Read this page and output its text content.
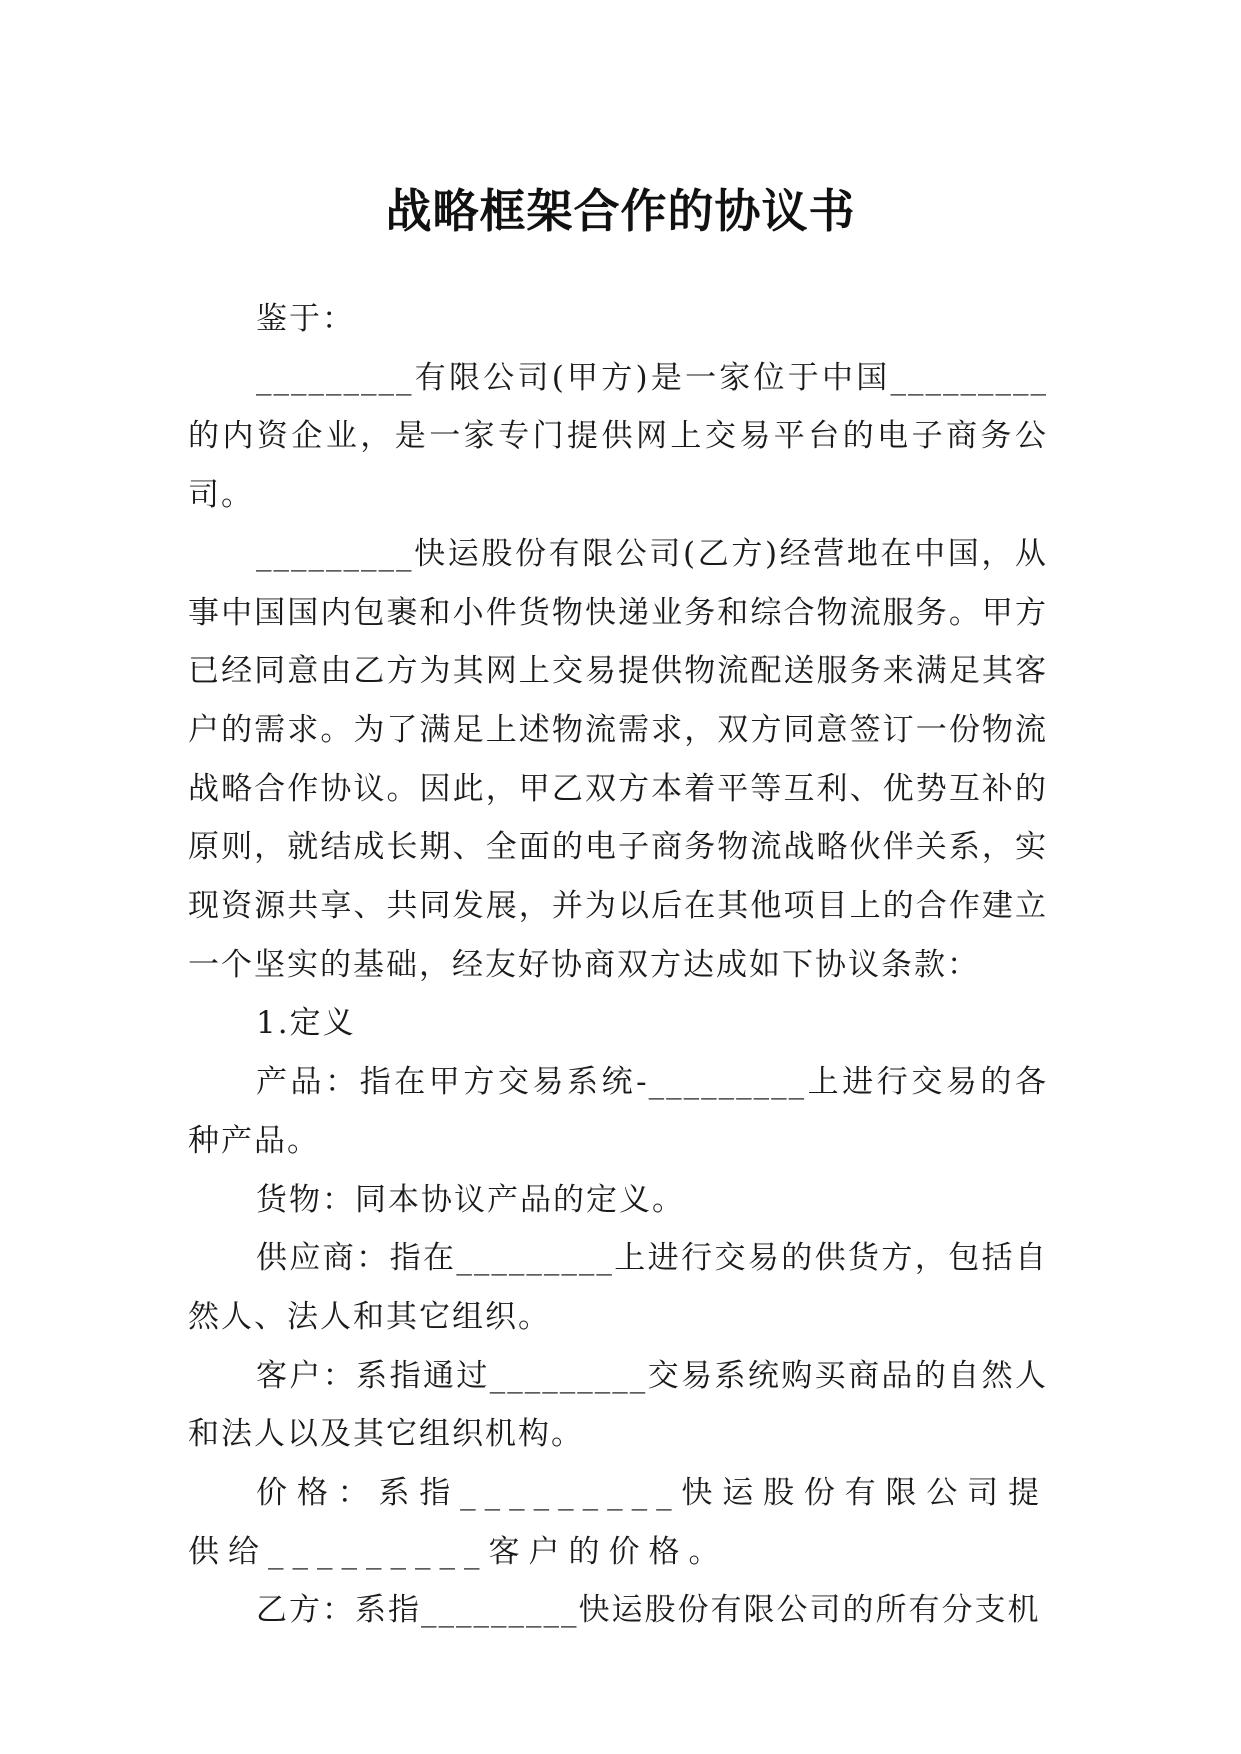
战略框架合作的协议书

鉴于：

_________有限公司(甲方)是一家位于中国_________的内资企业，是一家专门提供网上交易平台的电子商务公司。

_________快运股份有限公司(乙方)经营地在中国，从事中国国内包裹和小件货物快递业务和综合物流服务。甲方已经同意由乙方为其网上交易提供物流配送服务来满足其客户的需求。为了满足上述物流需求，双方同意签订一份物流战略合作协议。因此，甲乙双方本着平等互利、优势互补的原则，就结成长期、全面的电子商务物流战略伙伴关系，实现资源共享、共同发展，并为以后在其他项目上的合作建立一个坚实的基础，经友好协商双方达成如下协议条款：

1.定义

产品：指在甲方交易系统-_________上进行交易的各种产品。

货物：同本协议产品的定义。

供应商：指在_________上进行交易的供货方，包括自然人、法人和其它组织。

客户：系指通过_________交易系统购买商品的自然人和法人以及其它组织机构。

价格：系指_________快运股份有限公司提供给_________客户的价格。

乙方：系指_________快运股份有限公司的所有分支机
